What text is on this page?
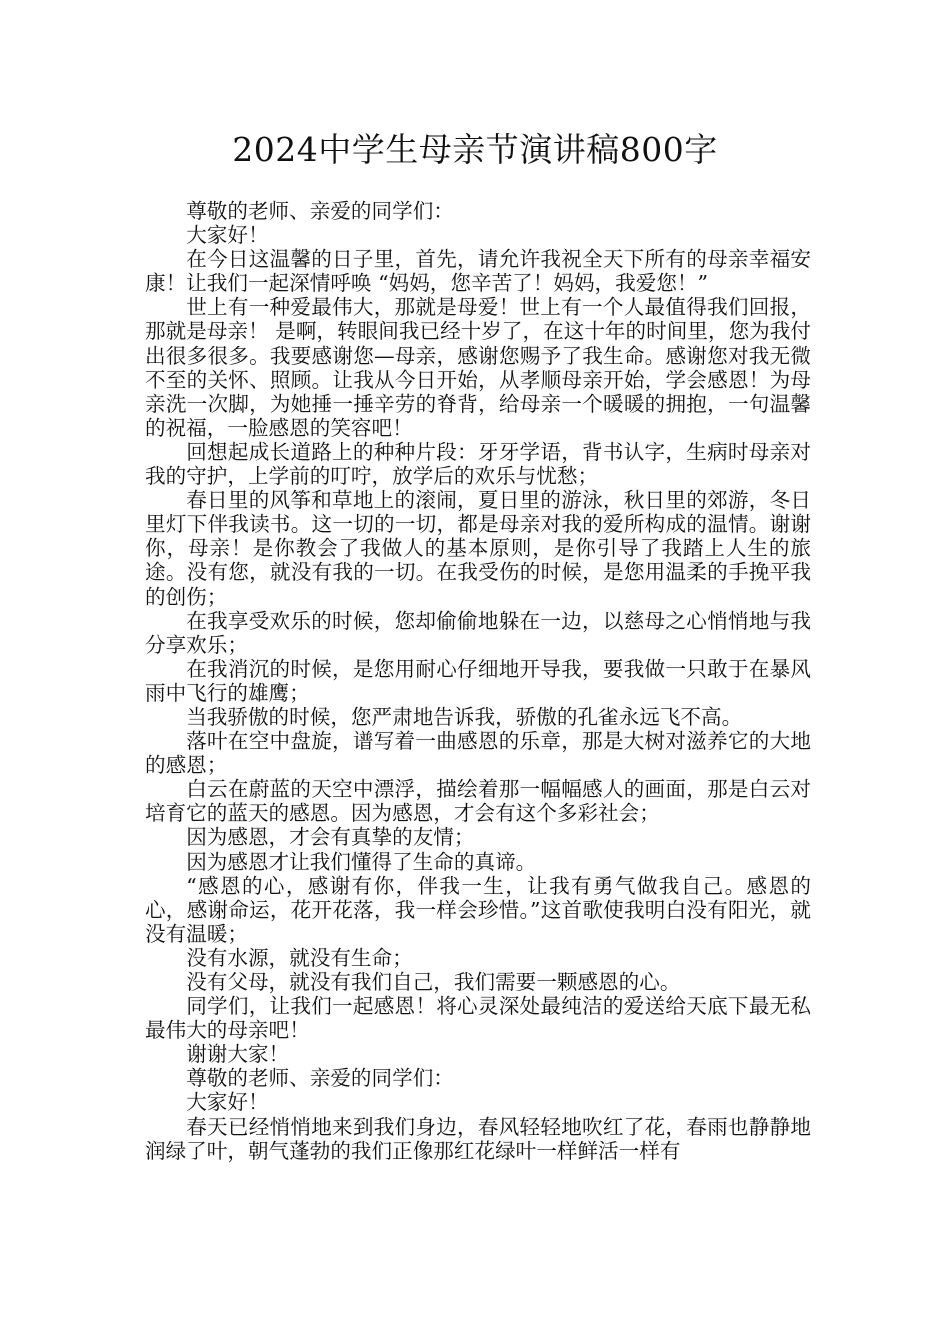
2024中学生母亲节演讲稿800字

尊敬的老师、亲爱的同学们：

大家好！

在今日这温馨的日子里，首先，请允许我祝全天下所有的母亲幸福安康！让我们一起深情呼唤 “妈妈，您辛苦了！妈妈，我爱您！”

世上有一种爱最伟大，那就是母爱！世上有一个人最值得我们回报，那就是母亲！ 是啊，转眼间我已经十岁了，在这十年的时间里，您为我付出很多很多。我要感谢您—母亲，感谢您赐予了我生命。感谢您对我无微不至的关怀、照顾。让我从今日开始，从孝顺母亲开始，学会感恩！为母亲洗一次脚，为她捶一捶辛劳的脊背，给母亲一个暖暖的拥抱，一句温馨的祝福，一脸感恩的笑容吧！

回想起成长道路上的种种片段：牙牙学语，背书认字，生病时母亲对我的守护，上学前的叮咛，放学后的欢乐与忧愁；

春日里的风筝和草地上的滚闹，夏日里的游泳，秋日里的郊游，冬日里灯下伴我读书。这一切的一切，都是母亲对我的爱所构成的温情。谢谢你，母亲！是你教会了我做人的基本原则，是你引导了我踏上人生的旅途。没有您，就没有我的一切。在我受伤的时候，是您用温柔的手挽平我的创伤；

在我享受欢乐的时候，您却偷偷地躲在一边，以慈母之心悄悄地与我分享欢乐；

在我消沉的时候，是您用耐心仔细地开导我，要我做一只敢于在暴风雨中飞行的雄鹰；

当我骄傲的时候，您严肃地告诉我，骄傲的孔雀永远飞不高。

落叶在空中盘旋，谱写着一曲感恩的乐章，那是大树对滋养它的大地的感恩；

白云在蔚蓝的天空中漂浮，描绘着那一幅幅感人的画面，那是白云对培育它的蓝天的感恩。因为感恩，才会有这个多彩社会；

因为感恩，才会有真挚的友情；

因为感恩才让我们懂得了生命的真谛。

“感恩的心，感谢有你，伴我一生，让我有勇气做我自己。感恩的心，感谢命运，花开花落，我一样会珍惜。”这首歌使我明白没有阳光，就没有温暖；

没有水源，就没有生命；

没有父母，就没有我们自己，我们需要一颗感恩的心。

同学们，让我们一起感恩！将心灵深处最纯洁的爱送给天底下最无私最伟大的母亲吧！

谢谢大家！

尊敬的老师、亲爱的同学们：

大家好！

春天已经悄悄地来到我们身边，春风轻轻地吹红了花，春雨也静静地润绿了叶，朝气蓬勃的我们正像那红花绿叶一样鲜活一样有
